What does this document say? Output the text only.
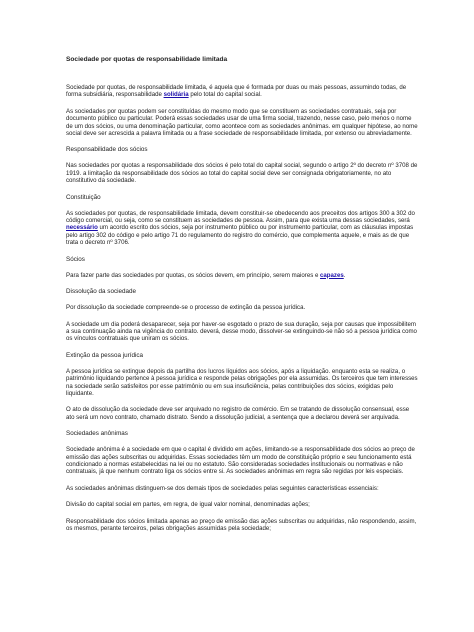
Sociedade por quotas de responsabilidade limitada
Sociedade por quotas, de responsabilidade limitada, é aquela que é formada por duas ou mais pessoas, assumindo todas, de forma subsidiária, responsabilidade solidária pelo total do capital social.
As sociedades por quotas podem ser constituídas do mesmo modo que se constituem as sociedades contratuais, seja por documento público ou particular. Poderá essas sociedades usar de uma firma social, trazendo, nesse caso, pelo menos o nome de um dos sócios, ou uma denominação particular, como acontece com as sociedades anônimas. em qualquer hipótese, ao nome social deve ser acrescida a palavra limitada ou a frase sociedade de responsabilidade limitada, por extenso ou abreviadamente.
Responsabilidade dos sócios
Nas sociedades por quotas a responsabilidade dos sócios é pelo total do capital social, segundo o artigo 2º do decreto nº 3708 de 1919. a limitação da responsabilidade dos sócios ao total do capital social deve ser consignada obrigatoriamente, no ato constitutivo da sociedade.
Constituição
As sociedades por quotas, de responsabilidade limitada, devem constituir-se obedecendo aos preceitos dos artigos 300 a 302 do código comercial, ou seja, como se constituem as sociedades de pessoa. Assim, para que exista uma dessas sociedades, será necessário um acordo escrito dos sócios, seja por instrumento público ou por instrumento particular, com as cláusulas impostas pelo artigo 302 do código e pelo artigo 71 do regulamento do registro do comércio, que complementa aquele, e mais as de que trata o decreto nº 3706.
Sócios
Para fazer parte das sociedades por quotas, os sócios devem, em princípio, serem maiores e capazes.
Dissolução da sociedade
Por dissolução da sociedade compreende-se o processo de extinção da pessoa jurídica.
A sociedade um dia poderá desaparecer, seja por haver-se esgotado o prazo de sua duração, seja por causas que impossibilitem a sua continuação ainda na vigência do contrato. deverá, desse modo, dissolver-se extinguindo-se não só a pessoa jurídica como os vínculos contratuais que uniram os sócios.
Extinção da pessoa jurídica
A pessoa jurídica se extingue depois da partilha dos lucros líquidos aos sócios, após a liquidação. enquanto esta se realiza, o patrimônio liquidando pertence à pessoa jurídica e responde pelas obrigações por ela assumidas. Os terceiros que tem interesses na sociedade serão satisfeitos por esse patrimônio ou em sua insuficiência, pelas contribuições dos sócios, exigidas pelo liquidante.
O ato de dissolução da sociedade deve ser arquivado no registro de comércio. Em se tratando de dissolução consensual, esse ato será um novo contrato, chamado distrato. Sendo a dissolução judicial, a sentença que a declarou deverá ser arquivada.
Sociedades anônimas
Sociedade anônima é a sociedade em que o capital é dividido em ações, limitando-se a responsabilidade dos sócios ao preço de emissão das ações subscritas ou adquiridas. Essas sociedades têm um modo de constituição próprio e seu funcionamento está condicionado a normas estabelecidas na lei ou no estatuto. São consideradas sociedades institucionais ou normativas e não contratuais, já que nenhum contrato liga os sócios entre si. As sociedades anônimas em regra são regidas por leis especiais.
As sociedades anônimas distinguem-se dos demais tipos de sociedades pelas seguintes características essenciais:
Divisão do capital social em partes, em regra, de igual valor nominal, denominadas ações;
Responsabilidade dos sócios limitada apenas ao preço de emissão das ações subscritas ou adquiridas, não respondendo, assim, os mesmos, perante terceiros, pelas obrigações assumidas pela sociedade;
